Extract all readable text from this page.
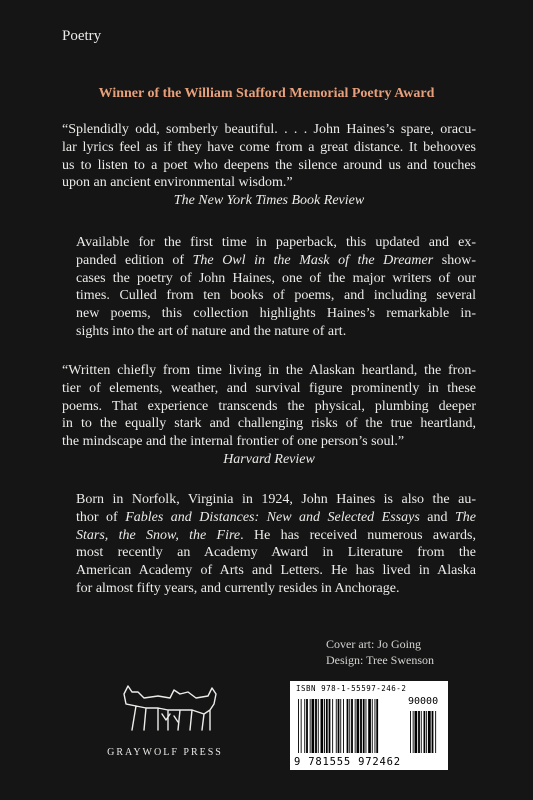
Poetry
Winner of the William Stafford Memorial Poetry Award
“Splendidly odd, somberly beautiful. . . . John Haines’s spare, oracu-
lar lyrics feel as if they have come from a great distance. It behooves
us to listen to a poet who deepens the silence around us and touches
upon an ancient environmental wisdom.”
The New York Times Book Review
Available for the first time in paperback, this updated and ex-
panded edition of The Owl in the Mask of the Dreamer show-
cases the poetry of John Haines, one of the major writers of our
times. Culled from ten books of poems, and including several
new poems, this collection highlights Haines’s remarkable in-
sights into the art of nature and the nature of art.
“Written chiefly from time living in the Alaskan heartland, the fron-
tier of elements, weather, and survival figure prominently in these
poems. That experience transcends the physical, plumbing deeper
in to the equally stark and challenging risks of the true heartland,
the mindscape and the internal frontier of one person’s soul.”
Harvard Review
Born in Norfolk, Virginia in 1924, John Haines is also the au-
thor of Fables and Distances: New and Selected Essays and The
Stars, the Snow, the Fire. He has received numerous awards,
most recently an Academy Award in Literature from the
American Academy of Arts and Letters. He has lived in Alaska
for almost fifty years, and currently resides in Anchorage.
Cover art: Jo Going
Design: Tree Swenson
GRAYWOLF PRESS
ISBN 978-1-55597-246-2
90000
9 781555 972462
